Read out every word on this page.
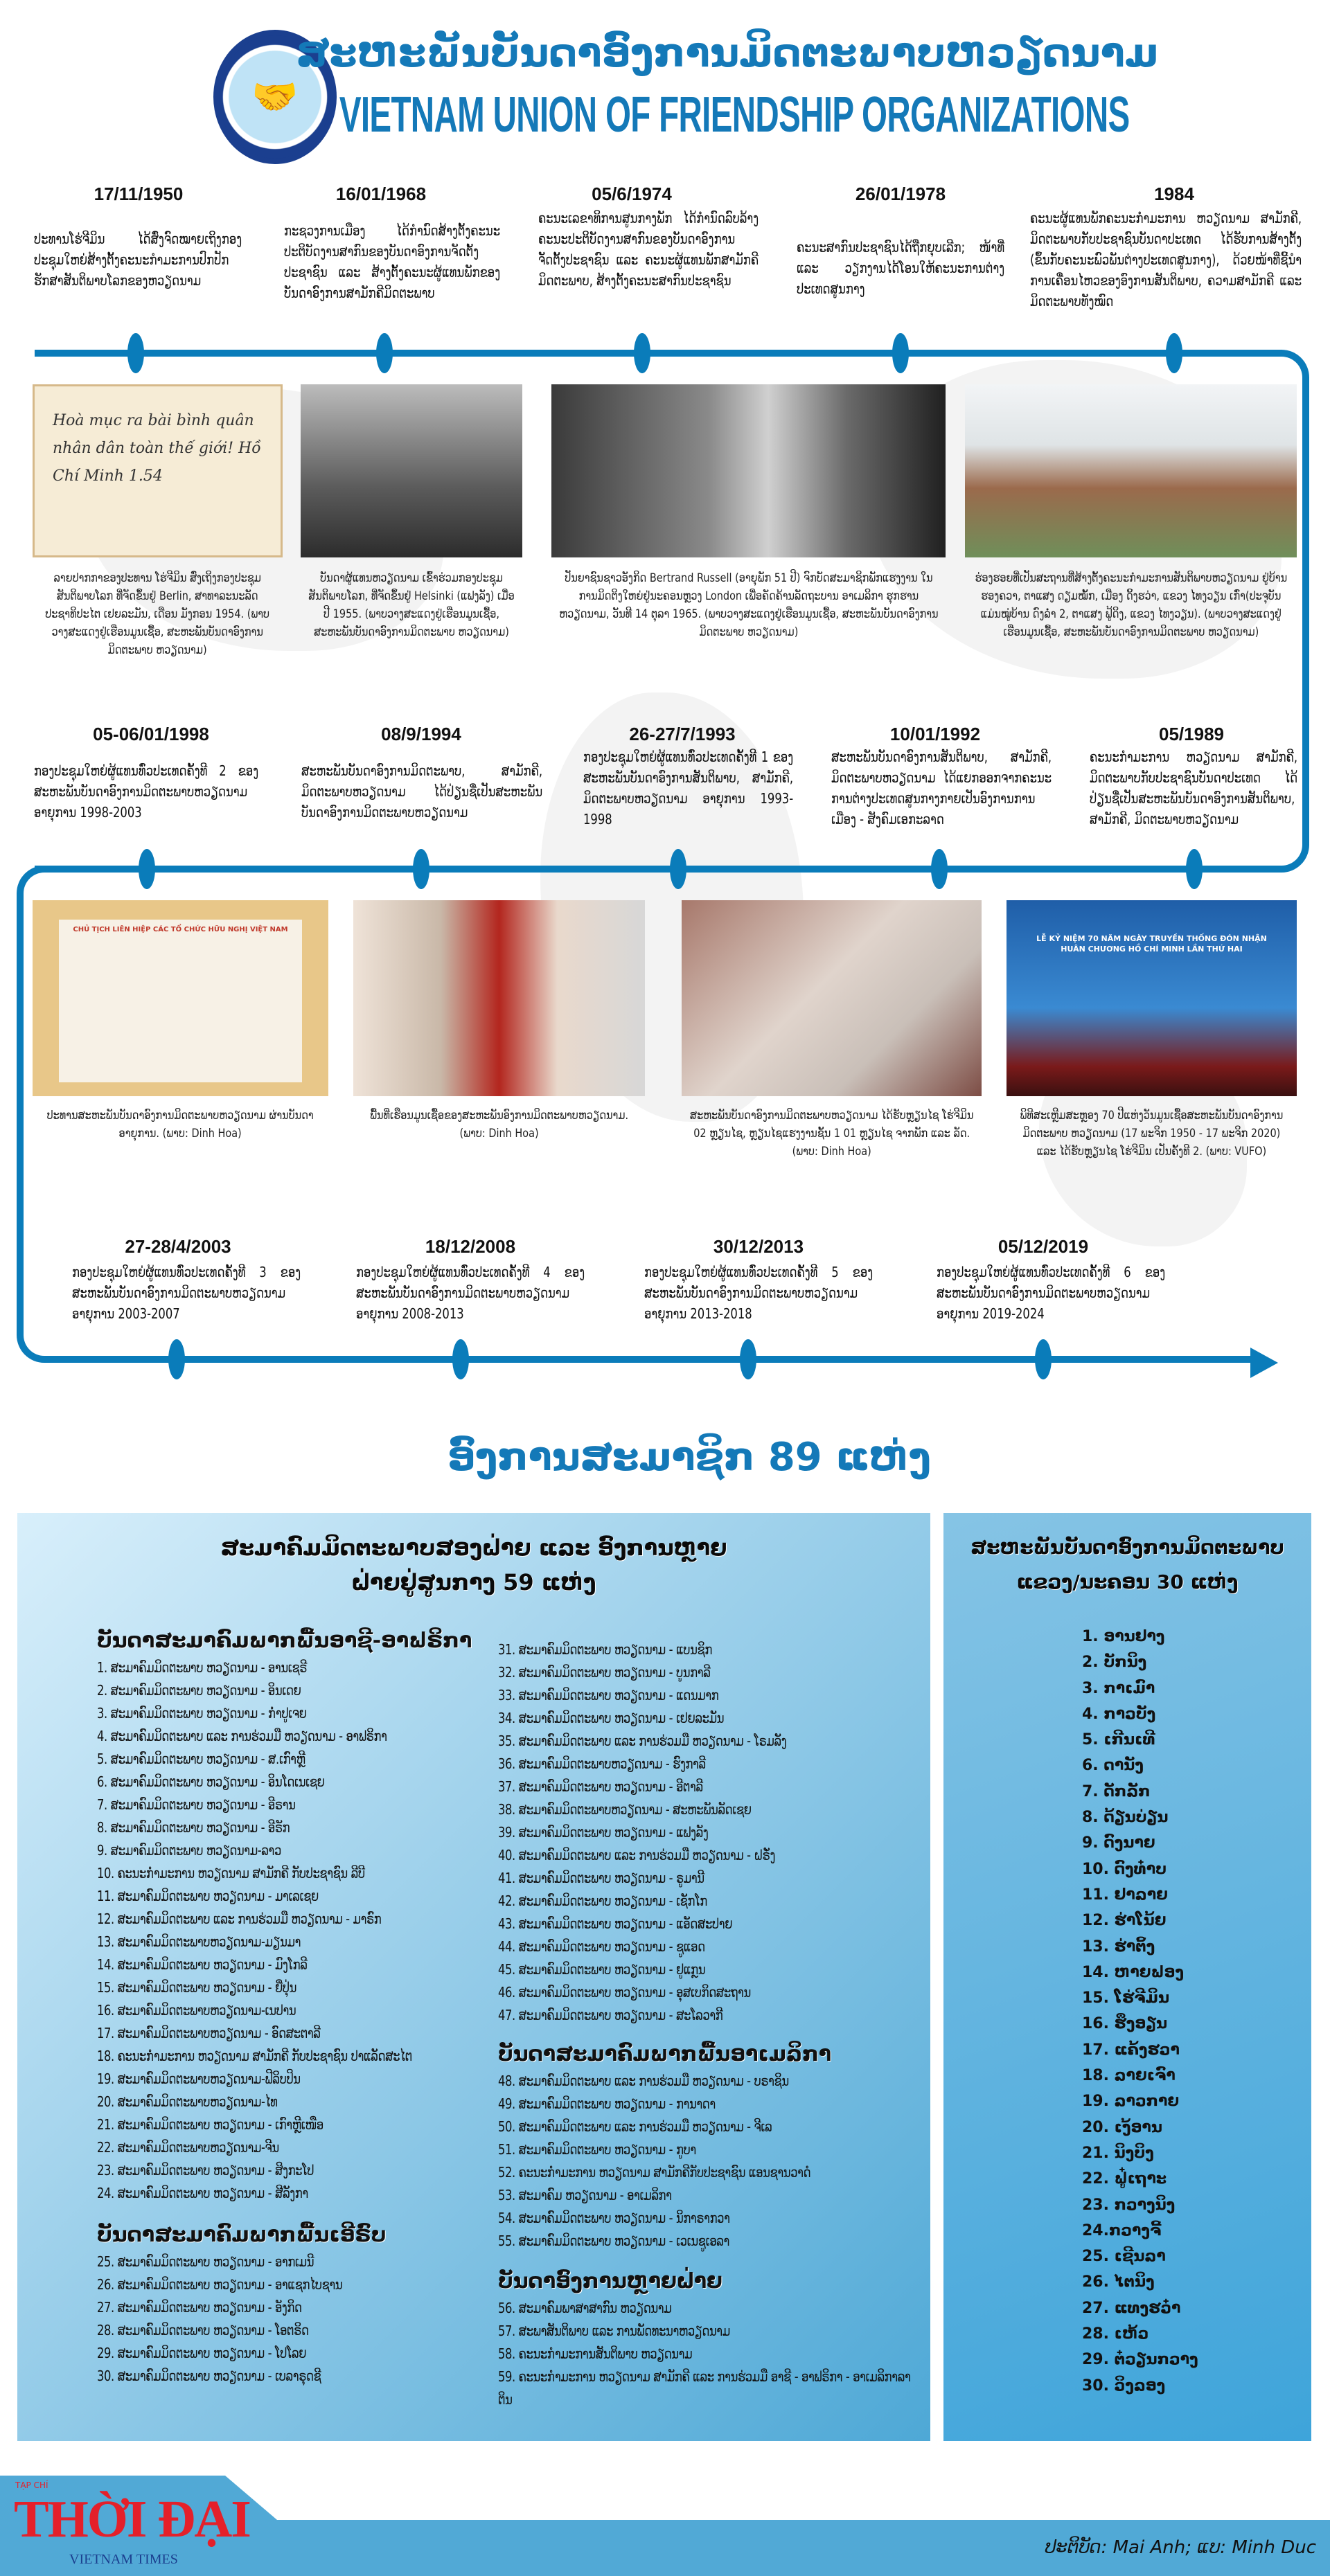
🤝
ສະຫະພັນບັນດາອົງການມິດຕະພາບຫວຽດນາມ
VIETNAM UNION OF FRIENDSHIP ORGANIZATIONS
17/11/1950
ປະທານໂຮ່ຈີມິນ ໄດ້ສົ່ງຈົດໝາຍເຖິງກອງປະຊຸມໃຫຍ່ສ້າງຕັ້ງຄະນະກຳມະການປົກປັກຮັກສາສັນຕິພາບໂລກຂອງຫວຽດນາມ
16/01/1968
ກະຊວງການເມືອງ ໄດ້ກຳນົດສ້າງຕັ້ງຄະນະປະຕິບັດງານສາກົນຂອງບັນດາອົງການຈັດຕັ້ງປະຊາຊົນ ແລະ ສ້າງຕັ້ງຄະນະຜູ້ແທນພັກຂອງບັນດາອົງການສາມັກຄີມິດຕະພາບ
05/6/1974
ຄະນະເລຂາທິການສູນກາງພັກ ໄດ້ກຳນົດລົບລ້າງຄະນະປະຕິບັດງານສາກົນຂອງບັນດາອົງການຈັດຕັ້ງປະຊາຊົນ ແລະ ຄະນະຜູ້ແທນພັກສາມັກຄີມິດຕະພາບ, ສ້າງຕັ້ງຄະນະສາກົນປະຊາຊົນ
26/01/1978
ຄະນະສາກົນປະຊາຊົນໄດ້ຖືກຍຸບເລີກ; ໜ້າທີ່ ແລະ ວຽກງານໄດ້ໂອນໃຫ້ຄະນະການຕ່າງປະເທດສູນກາງ
1984
ຄະນະຜູ້ແທນພັກຄະນະກຳມະການ ຫວຽດນາມ ສາມັກຄີ, ມິດຕະພາບກັບປະຊາຊົນບັນດາປະເທດ ໄດ້ຮັບການສ້າງຕັ້ງ (ຂຶ້ນກັບຄະນະພົວພັນຕ່າງປະເທດສູນກາງ), ດ້ວຍໜ້າທີ່ຊີ້ນຳການເຄື່ອນໄຫວຂອງອົງການສັນຕິພາບ, ຄວາມສາມັກຄີ ແລະ ມິດຕະພາບທັງໝົດ
05-06/01/1998
ກອງປະຊຸມໃຫຍ່ຜູ້ແທນທົ່ວປະເທດຄັ້ງທີ 2 ຂອງສະຫະພັນບັນດາອົງການມິດຕະພາບຫວຽດນາມ ອາຍຸການ 1998-2003
08/9/1994
ສະຫະພັນບັນດາອົງການມິດຕະພາບ, ສາມັກຄີ, ມິດຕະພາບຫວຽດນາມ ໄດ້ປ່ຽນຊື່ເປັນສະຫະພັນບັນດາອົງການມິດຕະພາບຫວຽດນາມ
26-27/7/1993
ກອງປະຊຸມໃຫຍ່ຜູ້ແທນທົ່ວປະເທດຄັ້ງທີ 1 ຂອງສະຫະພັນບັນດາອົງການສັນຕິພາບ, ສາມັກຄີ, ມິດຕະພາບຫວຽດນາມ ອາຍຸການ 1993-1998
10/01/1992
ສະຫະພັນບັນດາອົງການສັນຕິພາບ, ສາມັກຄີ, ມິດຕະພາບຫວຽດນາມ ໄດ້ແຍກອອກຈາກຄະນະການຕ່າງປະເທດສູນກາງກາຍເປັນອົງການການເມືອງ - ສັງຄົມເອກະລາດ
05/1989
ຄະນະກຳມະການ ຫວຽດນາມ ສາມັກຄີ, ມິດຕະພາບກັບປະຊາຊົນບັນດາປະເທດ ໄດ້ປ່ຽນຊື່ເປັນສະຫະພັນບັນດາອົງການສັນຕິພາບ, ສາມັກຄີ, ມິດຕະພາບຫວຽດນາມ
27-28/4/2003
ກອງປະຊຸມໃຫຍ່ຜູ້ແທນທົ່ວປະເທດຄັ້ງທີ 3 ຂອງສະຫະພັນບັນດາອົງການມິດຕະພາບຫວຽດນາມ ອາຍຸການ 2003-2007
18/12/2008
ກອງປະຊຸມໃຫຍ່ຜູ້ແທນທົ່ວປະເທດຄັ້ງທີ 4 ຂອງສະຫະພັນບັນດາອົງການມິດຕະພາບຫວຽດນາມ ອາຍຸການ 2008-2013
30/12/2013
ກອງປະຊຸມໃຫຍ່ຜູ້ແທນທົ່ວປະເທດຄັ້ງທີ 5 ຂອງສະຫະພັນບັນດາອົງການມິດຕະພາບຫວຽດນາມ ອາຍຸການ 2013-2018
05/12/2019
ກອງປະຊຸມໃຫຍ່ຜູ້ແທນທົ່ວປະເທດຄັ້ງທີ 6 ຂອງສະຫະພັນບັນດາອົງການມິດຕະພາບຫວຽດນາມ ອາຍຸການ 2019-2024
Hoà mục ra bài bình quân nhân dân toàn thế giới! Hồ Chí Minh 1.54
CHỦ TỊCH LIÊN HIỆP CÁC TỔ CHỨC HỮU NGHỊ VIỆT NAM
LỄ KỶ NIỆM 70 NĂM NGÀY TRUYỀN THỐNG ĐÓN NHẬN HUÂN CHƯƠNG HỒ CHÍ MINH LẦN THỨ HAI
ລາຍປາກກາຂອງປະທານ ໂຮ່ຈີມິນ ສົ່ງເຖິງກອງປະຊຸມສັນຕິພາບໂລກ ທີ່ຈັດຂຶ້ນຢູ່ Berlin, ສາທາລະນະລັດ ປະຊາທິປະໄຕ ເຢຍລະມັນ, ເດືອນ ມັງກອນ 1954. (ພາບວາງສະແດງຢູ່ເຮືອນມູນເຊື້ອ, ສະຫະພັນບັນດາອົງການມິດຕະພາບ ຫວຽດນາມ)
ບັນດາຜູ້ແທນຫວຽດນາມ ເຂົ້າຮ່ວມກອງປະຊຸມສັນຕິພາບໂລກ, ທີ່ຈັດຂຶ້ນຢູ່ Helsinki (ແຟງລັງ) ເມື່ອປີ 1955. (ພາບວາງສະແດງຢູ່ເຮືອນມູນເຊື້ອ, ສະຫະພັນບັນດາອົງການມິດຕະພາບ ຫວຽດນາມ)
ປັນຍາຊົນຊາວອັງກິດ Bertrand Russell (ອາຍຸພັກ 51 ປີ) ຈົກບັດສະມາຊິກພັກແຮງງານ ໃນການມິດຕິງໃຫຍ່ຢູ່ນະຄອນຫຼວງ London ເພື່ອຄັດຄ້ານລັດຖະບານ ອາເມລິກາ ຮຸກຮານຫວຽດນາມ, ວັນທີ 14 ຕຸລາ 1965. (ພາບວາງສະແດງຢູ່ເຮືອນມູນເຊື້ອ, ສະຫະພັນບັນດາອົງການມິດຕະພາບ ຫວຽດນາມ)
ຮ່ອງຮອຍທີ່ເປັນສະຖານທີ່ສ້າງຕັ້ງຄະນະກຳມະການສັນຕິພາບຫວຽດນາມ ຢູ່ບ້ານ ຮອງຄວາ, ຕາແສງ ດຽມໝັ້ກ, ເມືອງ ດິ້ງຮວ່າ, ແຂວງ ໄທງວຽນ ເກົ່າ(ປະຈຸບັນແມ່ນໝູ່ບ້ານ ດົງລ່ຳ 2, ຕາແສງ ຟູ້ດິງ, ແຂວງ ໄທງວຽນ). (ພາບວາງສະແດງຢູ່ເຮືອນມູນເຊື້ອ, ສະຫະພັນບັນດາອົງການມິດຕະພາບ ຫວຽດນາມ)
ປະທານສະຫະພັນບັນດາອົງການມິດຕະພາບຫວຽດນາມ ຜ່ານບັນດາອາຍຸການ. (ພາບ: Dinh Hoa)
ພື້ນທີ່ເຮືອນມູນເຊື້ອຂອງສະຫະພັນອົງການມິດຕະພາບຫວຽດນາມ. (ພາບ: Dinh Hoa)
ສະຫະພັນບັນດາອົງການມິດຕະພາບຫວຽດນາມ ໄດ້ຮັບຫຼຽນໄຊ ໂຮ່ຈີມິນ 02 ຫຼຽນໄຊ, ຫຼຽນໄຊແຮງງານຊັ້ນ 1 01 ຫຼຽນໄຊ ຈາກພັກ ແລະ ລັດ. (ພາບ: Dinh Hoa)
ພິທີສະເຫຼີມສະຫຼອງ 70 ປີແຫ່ງວັນມູນເຊື້ອສະຫະພັນບັນດາອົງການມິດຕະພາບ ຫວຽດນາມ (17 ພະຈິກ 1950 - 17 ພະຈິກ 2020) ແລະ ໄດ້ຮັບຫຼຽນໄຊ ໂຮ່ຈີມິນ ເປັນຄັ້ງທີ 2. (ພາບ: VUFO)
ອົງການສະມາຊິກ 89 ແຫ່ງ
ສະມາຄົມມິດຕະພາບສອງຝ່າຍ ແລະ ອົງການຫຼາຍ
ຝ່າຍຢູ່ສູນກາງ 59 ແຫ່ງ
ສະຫະພັນບັນດາອົງການມິດຕະພາບ
ແຂວງ/ນະຄອນ 30 ແຫ່ງ
ບັນດາສະມາຄົມພາກພື້ນອາຊີ-ອາຟຣິກາ
1. ສະມາຄົມມິດຕະພາບ ຫວຽດນາມ - ອານເຊຣີ
2. ສະມາຄົມມິດຕະພາບ ຫວຽດນາມ - ອິນເດຍ
3. ສະມາຄົມມິດຕະພາບ ຫວຽດນາມ - ກຳປູເຈຍ
4. ສະມາຄົມມິດຕະພາບ ແລະ ການຮ່ວມມື ຫວຽດນາມ - ອາຟຣິກາ
5. ສະມາຄົມມິດຕະພາບ ຫວຽດນາມ - ສ.ເກົາຫຼີ
6. ສະມາຄົມມິດຕະພາບ ຫວຽດນາມ - ອິນໂດເນເຊຍ
7. ສະມາຄົມມິດຕະພາບ ຫວຽດນາມ - ອີຣານ
8. ສະມາຄົມມິດຕະພາບ ຫວຽດນາມ - ອີຣັກ
9. ສະມາຄົມມິດຕະພາບ ຫວຽດນາມ-ລາວ
10. ຄະນະກຳມະການ ຫວຽດນາມ ສາມັກຄີ ກັບປະຊາຊົນ ລີບີ
11. ສະມາຄົມມິດຕະພາບ ຫວຽດນາມ - ມາເລເຊຍ
12. ສະມາຄົມມິດຕະພາບ ແລະ ການຮ່ວມມື ຫວຽດນາມ - ມາຣົກ
13. ສະມາຄົມມິດຕະພາບຫວຽດນາມ-ມຽນມາ
14. ສະມາຄົມມິດຕະພາບ ຫວຽດນາມ - ມົງໂກລີ
15. ສະມາຄົມມິດຕະພາບ ຫວຽດນາມ - ຍີ່ປຸ່ນ
16. ສະມາຄົມມິດຕະພາບຫວຽດນາມ-ເນປານ
17. ສະມາຄົມມິດຕະພາບຫວຽດນາມ - ອົດສະຕາລີ
18. ຄະນະກຳມະການ ຫວຽດນາມ ສາມັກຄີ ກັບປະຊາຊົນ ປາແລັດສະໄຕ
19. ສະມາຄົມມິດຕະພາບຫວຽດນາມ-ຟີລິບປິນ
20. ສະມາຄົມມິດຕະພາບຫວຽດນາມ-ໄທ
21. ສະມາຄົມມິດຕະພາບ ຫວຽດນາມ - ເກົາຫຼີເໜືອ
22. ສະມາຄົມມິດຕະພາບຫວຽດນາມ-ຈີນ
23. ສະມາຄົມມິດຕະພາບ ຫວຽດນາມ - ສິງກະໂປ
24. ສະມາຄົມມິດຕະພາບ ຫວຽດນາມ - ສີລັງກາ
ບັນດາສະມາຄົມພາກພື້ນເອີຣົບ
25. ສະມາຄົມມິດຕະພາບ ຫວຽດນາມ - ອາກເມນີ
26. ສະມາຄົມມິດຕະພາບ ຫວຽດນາມ - ອາແຊກໄບຊານ
27. ສະມາຄົມມິດຕະພາບ ຫວຽດນາມ - ອັງກິດ
28. ສະມາຄົມມິດຕະພາບ ຫວຽດນາມ - ໂອຕຣິດ
29. ສະມາຄົມມິດຕະພາບ ຫວຽດນາມ - ໂປໂລຍ
30. ສະມາຄົມມິດຕະພາບ ຫວຽດນາມ - ເບລາຣຸດຊີ
31. ສະມາຄົມມິດຕະພາບ ຫວຽດນາມ - ແບນຊິກ
32. ສະມາຄົມມິດຕະພາບ ຫວຽດນາມ - ບູນກາລີ
33. ສະມາຄົມມິດຕະພາບ ຫວຽດນາມ - ແດນມາກ
34. ສະມາຄົມມິດຕະພາບ ຫວຽດນາມ - ເຢຍລະມັນ
35. ສະມາຄົມມິດຕະພາບ ແລະ ການຮ່ວມມື ຫວຽດນາມ - ໂຣມລັງ
36. ສະມາຄົມມິດຕະພາບຫວຽດນາມ - ຮົງກາລີ
37. ສະມາຄົມມິດຕະພາບ ຫວຽດນາມ - ອີຕາລີ
38. ສະມາຄົມມິດຕະພາບຫວຽດນາມ - ສະຫະພັນລັດເຊຍ
39. ສະມາຄົມມິດຕະພາບ ຫວຽດນາມ - ແຟງລັງ
40. ສະມາຄົມມິດຕະພາບ ແລະ ການຮ່ວມມື ຫວຽດນາມ - ຝຣັ່ງ
41. ສະມາຄົມມິດຕະພາບ ຫວຽດນາມ - ຣູມານີ
42. ສະມາຄົມມິດຕະພາບ ຫວຽດນາມ - ເຊັກໂກ
43. ສະມາຄົມມິດຕະພາບ ຫວຽດນາມ - ແອັດສະປາຍ
44. ສະມາຄົມມິດຕະພາບ ຫວຽດນາມ - ຊູແອດ
45. ສະມາຄົມມິດຕະພາບ ຫວຽດນາມ - ຢູແກຼນ
46. ສະມາຄົມມິດຕະພາບ ຫວຽດນາມ - ອຸສເບກິດສະຖານ
47. ສະມາຄົມມິດຕະພາບ ຫວຽດນາມ - ສະໂລວາກີ
ບັນດາສະມາຄົມພາກພື້ນອາເມລິກາ
48. ສະມາຄົມມິດຕະພາບ ແລະ ການຮ່ວມມື ຫວຽດນາມ - ບຣາຊິນ
49. ສະມາຄົມມິດຕະພາບ ຫວຽດນາມ - ການາດາ
50. ສະມາຄົມມິດຕະພາບ ແລະ ການຮ່ວມມື ຫວຽດນາມ - ຈີເລ
51. ສະມາຄົມມິດຕະພາບ ຫວຽດນາມ - ກູບາ
52. ຄະນະກຳມະການ ຫວຽດນາມ ສາມັກຄີກັບປະຊາຊົນ ແອນຊານວາດໍ
53. ສະມາຄົມ ຫວຽດນາມ - ອາເມລິກາ
54. ສະມາຄົມມິດຕະພາບ ຫວຽດນາມ - ນິກາຣາກວາ
55. ສະມາຄົມມິດຕະພາບ ຫວຽດນາມ - ເວເນຊູເອລາ
ບັນດາອົງການຫຼາຍຝ່າຍ
56. ສະມາຄົມພາສາສາກົນ ຫວຽດນາມ
57. ສະພາສັນຕິພາບ ແລະ ການພັດທະນາຫວຽດນາມ
58. ຄະນະກຳມະການສັນຕິພາບ ຫວຽດນາມ
59. ຄະນະກຳມະການ ຫວຽດນາມ ສາມັກຄີ ແລະ ການຮ່ວມມື ອາຊີ - ອາຟຣິກາ - ອາເມລິກາລາຕິນ
1. ອານຢາງ
2. ບັກນິງ
3. ກາເມົາ
4. ກາວບັງ
5. ເກີນເທີ
6. ດານັງ
7. ດັກລັກ
8. ດ້ຽນບ່ຽນ
9. ດົງນາຍ
10. ດົງທ໋າບ
11. ຢາລາຍ
12. ຮ່າໂນ້ຍ
13. ຮ່າຕິ້ງ
14. ຫາຍຟອງ
15. ໂຮ່ຈີມິນ
16. ຮຶງອຽນ
17. ແຄ້ງຮວາ
18. ລາຍເຈົາ
19. ລາວກາຍ
20. ເງ້ອານ
21. ນິງບິງ
22. ຟູ໋ເຖາະ
23. ກວາງນິງ
24.ກວາງຈີ້
25. ເຊີນລາ
26. ໄຕນິງ
27. ແທງຮວ໋າ
28. ເຫ້ວ
29. ຕ໋ວຽນກວາງ
30. ວິງລອງ
TẠP CHÍ
THỜI ĐẠI
VIETNAM TIMES
ປະຕິບັດ: Mai Anh; ແບ: Minh Duc
